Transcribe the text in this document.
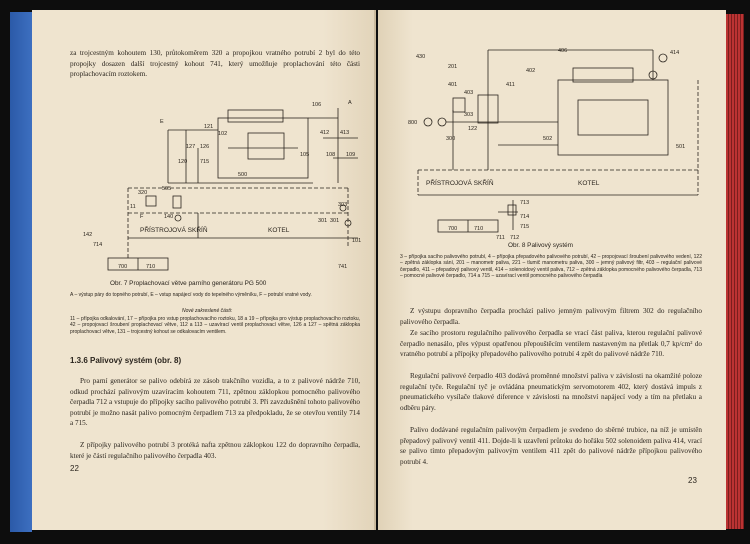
za trojcestným kohoutem 130, průtokoměrem 320 a propojkou vratného potrubí 2 byl do této propojky dosazen další trojcestný kohout 741, který umožňuje proplachování této části proplachovacím roztokem.
E
121
102
106	A
412 413
127 126
105	108 109
120 715
505
500
320
11
F	140
303
301 301
142
714
PŘÍSTROJOVÁ SKŘÍŇ	KOTEL
101
700	710	741
Obr. 7 Proplachovací větve parního generátoru PG 500
A – výstup páry do topného potrubí, E – vstup napájecí vody do tepelného výměníku, F – potrubí vratné vody.
Nové zakreslené části:
11 – přípojka odkalování, 17 – přípojka pro vstup proplachovacího roztoku, 18 a 19 – přípojka pro výstup proplachovacího roztoku, 42 – propojovací šroubení proplachovací větve, 112 a 113 – uzavírací ventil proplachovací větve, 126 a 127 – spětná záklopka proplachovací větve, 131 – trojcestný kohout se odkalovacím ventilem.
1.3.6 Palivový systém (obr. 8)
Pro parní generátor se palivo odebírá ze zásob trakčního vozidla, a to z palivové nádrže 710, odkud prochází palivovým uzavíracím kohoutem 711, zpětnou záklopkou pomocného palivového čerpadla 712 a vstupuje do přípojky sacího palivového potrubí 3. Při zavzdušnění tohoto palivového potrubí je možno nasát palivo pomocným čerpadlem 713 za předpokladu, že se otevřou ventily 714 a 715.
Z přípojky palivového potrubí 3 protéká nafta zpětnou záklopkou 122 do dopravního čerpadla, které je částí regulačního palivového čerpadla 403.
22
430
406	414
201
402
401	411
403
800
303
122
300	502
501
PŘÍSTROJOVÁ SKŘÍŇ	KOTEL
713
714
715
700	710
711 712
Obr. 8 Palivový systém
3 – přípojka sacího palivového potrubí, 4 – přípojka přepadového palivového potrubí, 42 – propojovací šroubení palivového vedení, 122 – zpětná záklopka sání, 201 – manometr paliva, 221 – tlumič manometru paliva, 300 – jemný palivový filtr, 403 – regulační palivové čerpadlo, 411 – přepadový palivový ventil, 414 – solenoidový ventil paliva, 712 – zpětná záklopka pomocného palivového čerpadla, 713 – pomocné palivové čerpadlo, 714 a 715 – uzavírací ventil pomocného palivového čerpadla
Z výstupu dopravního čerpadla prochází palivo jemným palivovým filtrem 302 do regulačního palivového čerpadla.
Ze sacího prostoru regulačního palivového čerpadla se vrací část paliva, kterou regulační palivové čerpadlo nenasálo, přes výpust opatřenou přepouštěcím ventilem nastaveným na přetlak 0,7 kp/cm² do vratného potrubí a přípojky přepadového palivového potrubí 4 zpět do palivové nádrže 710.
Regulační palivové čerpadlo 403 dodává proměnné množství paliva v závislosti na okamžité poloze regulační tyče. Regulační tyč je ovládána pneumatickým servomotorem 402, který dostává impuls z pneumatického vysílače tlakové diference v závislosti na množství napájecí vody a tím na přetlaku a odběru páry.
Palivo dodávané regulačním palivovým čerpadlem je svedeno do sběrné trubice, na níž je umístěn přepadový palivový ventil 411. Dojde-li k uzavření průtoku do hořáku 502 solenoidem paliva 414, vrací se palivo tímto přepadovým palivovým ventilem 411 zpět do palivové nádrže přípojkou palivového potrubí 4.
23
